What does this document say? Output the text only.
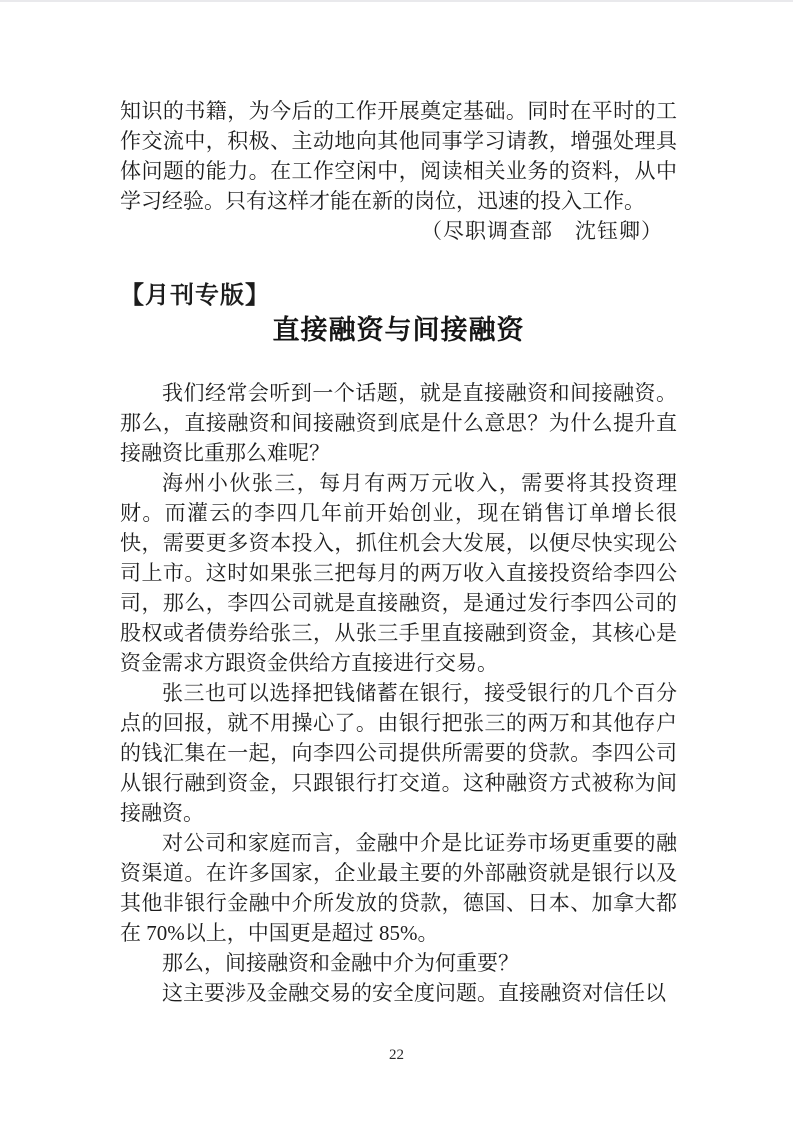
知识的书籍，为今后的工作开展奠定基础。同时在平时的工作交流中，积极、主动地向其他同事学习请教，增强处理具体问题的能力。在工作空闲中，阅读相关业务的资料，从中学习经验。只有这样才能在新的岗位，迅速的投入工作。

（尽职调查部　沈钰卿）

【月刊专版】
直接融资与间接融资

我们经常会听到一个话题，就是直接融资和间接融资。那么，直接融资和间接融资到底是什么意思？为什么提升直接融资比重那么难呢？

海州小伙张三，每月有两万元收入，需要将其投资理财。而灌云的李四几年前开始创业，现在销售订单增长很快，需要更多资本投入，抓住机会大发展，以便尽快实现公司上市。这时如果张三把每月的两万收入直接投资给李四公司，那么，李四公司就是直接融资，是通过发行李四公司的股权或者债券给张三，从张三手里直接融到资金，其核心是资金需求方跟资金供给方直接进行交易。

张三也可以选择把钱储蓄在银行，接受银行的几个百分点的回报，就不用操心了。由银行把张三的两万和其他存户的钱汇集在一起，向李四公司提供所需要的贷款。李四公司从银行融到资金，只跟银行打交道。这种融资方式被称为间接融资。

对公司和家庭而言，金融中介是比证券市场更重要的融资渠道。在许多国家，企业最主要的外部融资就是银行以及其他非银行金融中介所发放的贷款，德国、日本、加拿大都在 70%以上，中国更是超过 85%。

那么，间接融资和金融中介为何重要？

这主要涉及金融交易的安全度问题。直接融资对信任以

22
